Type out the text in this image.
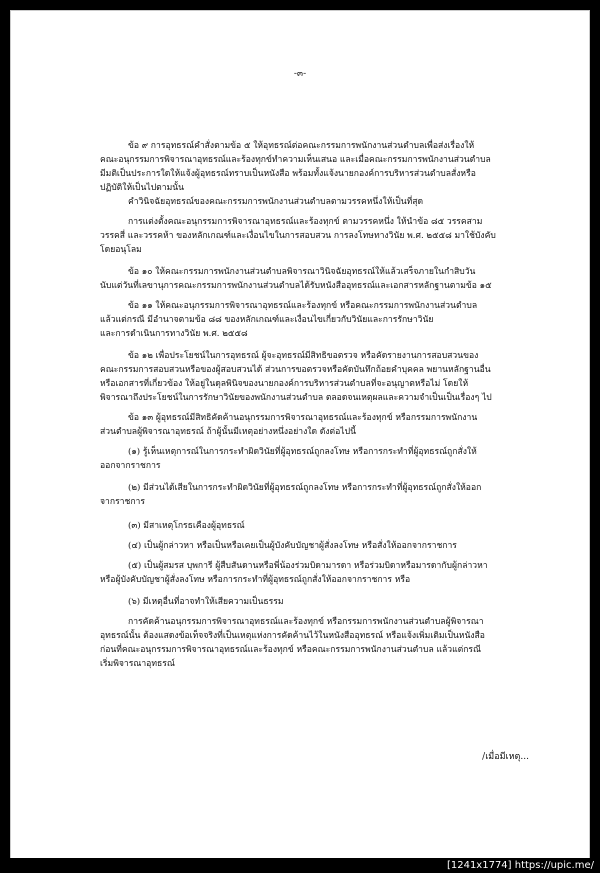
-๓-
ข้อ ๙ การอุทธรณ์คำสั่งตามข้อ ๕ ให้อุทธรณ์ต่อคณะกรรมการพนักงานส่วนตำบลเพื่อส่งเรื่องให้
คณะอนุกรรมการพิจารณาอุทธรณ์และร้องทุกข์ทำความเห็นเสนอ และเมื่อคณะกรรมการพนักงานส่วนตำบล
มีมติเป็นประการใดให้แจ้งผู้อุทธรณ์ทราบเป็นหนังสือ พร้อมทั้งแจ้งนายกองค์การบริหารส่วนตำบลสั่งหรือ
ปฏิบัติให้เป็นไปตามนั้น
คำวินิจฉัยอุทธรณ์ของคณะกรรมการพนักงานส่วนตำบลตามวรรคหนึ่งให้เป็นที่สุด
การแต่งตั้งคณะอนุกรรมการพิจารณาอุทธรณ์และร้องทุกข์ ตามวรรคหนึ่ง ให้นำข้อ ๘๕ วรรคสาม
วรรคสี่ และวรรคห้า ของหลักเกณฑ์และเงื่อนไขในการสอบสวน การลงโทษทางวินัย พ.ศ. ๒๕๕๘ มาใช้บังคับ
โดยอนุโลม
ข้อ ๑๐ ให้คณะกรรมการพนักงานส่วนตำบลพิจารณาวินิจฉัยอุทธรณ์ให้แล้วเสร็จภายในกำสิบวัน
นับแต่วันที่เลขานุการคณะกรรมการพนักงานส่วนตำบลได้รับหนังสืออุทธรณ์และเอกสารหลักฐานตามข้อ ๑๕
ข้อ ๑๑ ให้คณะอนุกรรมการพิจารณาอุทธรณ์และร้องทุกข์ หรือคณะกรรมการพนักงานส่วนตำบล
แล้วแต่กรณี มีอำนาจตามข้อ ๘๘ ของหลักเกณฑ์และเงื่อนไขเกี่ยวกับวินัยและการรักษาวินัย
และการดำเนินการทางวินัย พ.ศ. ๒๕๕๘
ข้อ ๑๒ เพื่อประโยชน์ในการอุทธรณ์ ผู้จะอุทธรณ์มีสิทธิขอตรวจ หรือคัดรายงานการสอบสวนของ
คณะกรรมการสอบสวนหรือของผู้สอบสวนได้ ส่วนการขอตรวจหรือคัดบันทึกถ้อยคำบุคคล พยานหลักฐานอื่น
หรือเอกสารที่เกี่ยวข้อง ให้อยู่ในดุลพินิจของนายกองค์การบริหารส่วนตำบลที่จะอนุญาตหรือไม่ โดยให้
พิจารณาถึงประโยชน์ในการรักษาวินัยของพนักงานส่วนตำบล ตลอดจนเหตุผลและความจำเป็นเป็นเรื่องๆ ไป
ข้อ ๑๓ ผู้อุทธรณ์มีสิทธิคัดค้านอนุกรรมการพิจารณาอุทธรณ์และร้องทุกข์ หรือกรรมการพนักงาน
ส่วนตำบลผู้พิจารณาอุทธรณ์ ถ้าผู้นั้นมีเหตุอย่างหนึ่งอย่างใด ดังต่อไปนี้
(๑) รู้เห็นเหตุการณ์ในการกระทำผิดวินัยที่ผู้อุทธรณ์ถูกลงโทษ หรือการกระทำที่ผู้อุทธรณ์ถูกสั่งให้
ออกจากราชการ
(๒) มีส่วนได้เสียในการกระทำผิดวินัยที่ผู้อุทธรณ์ถูกลงโทษ หรือการกระทำที่ผู้อุทธรณ์ถูกสั่งให้ออก
จากราชการ
(๓) มีสาเหตุโกรธเคืองผู้อุทธรณ์
(๔) เป็นผู้กล่าวหา หรือเป็นหรือเคยเป็นผู้บังคับบัญชาผู้สั่งลงโทษ หรือสั่งให้ออกจากราชการ
(๕) เป็นผู้สมรส บุพการี ผู้สืบสันดานหรือพี่น้องร่วมบิดามารดา หรือร่วมบิดาหรือมารดากับผู้กล่าวหา
หรือผู้บังคับบัญชาผู้สั่งลงโทษ หรือการกระทำที่ผู้อุทธรณ์ถูกสั่งให้ออกจากราชการ หรือ
(๖) มีเหตุอื่นที่อาจทำให้เสียความเป็นธรรม
การคัดค้านอนุกรรมการพิจารณาอุทธรณ์และร้องทุกข์ หรือกรรมการพนักงานส่วนตำบลผู้พิจารณา
อุทธรณ์นั้น ต้องแสดงข้อเท็จจริงที่เป็นเหตุแห่งการคัดค้านไว้ในหนังสืออุทธรณ์ หรือแจ้งเพิ่มเติมเป็นหนังสือ
ก่อนที่คณะอนุกรรมการพิจารณาอุทธรณ์และร้องทุกข์ หรือคณะกรรมการพนักงานส่วนตำบล แล้วแต่กรณี
เริ่มพิจารณาอุทธรณ์
/เมื่อมีเหตุ...
[1241x1774] https://upic.me/
